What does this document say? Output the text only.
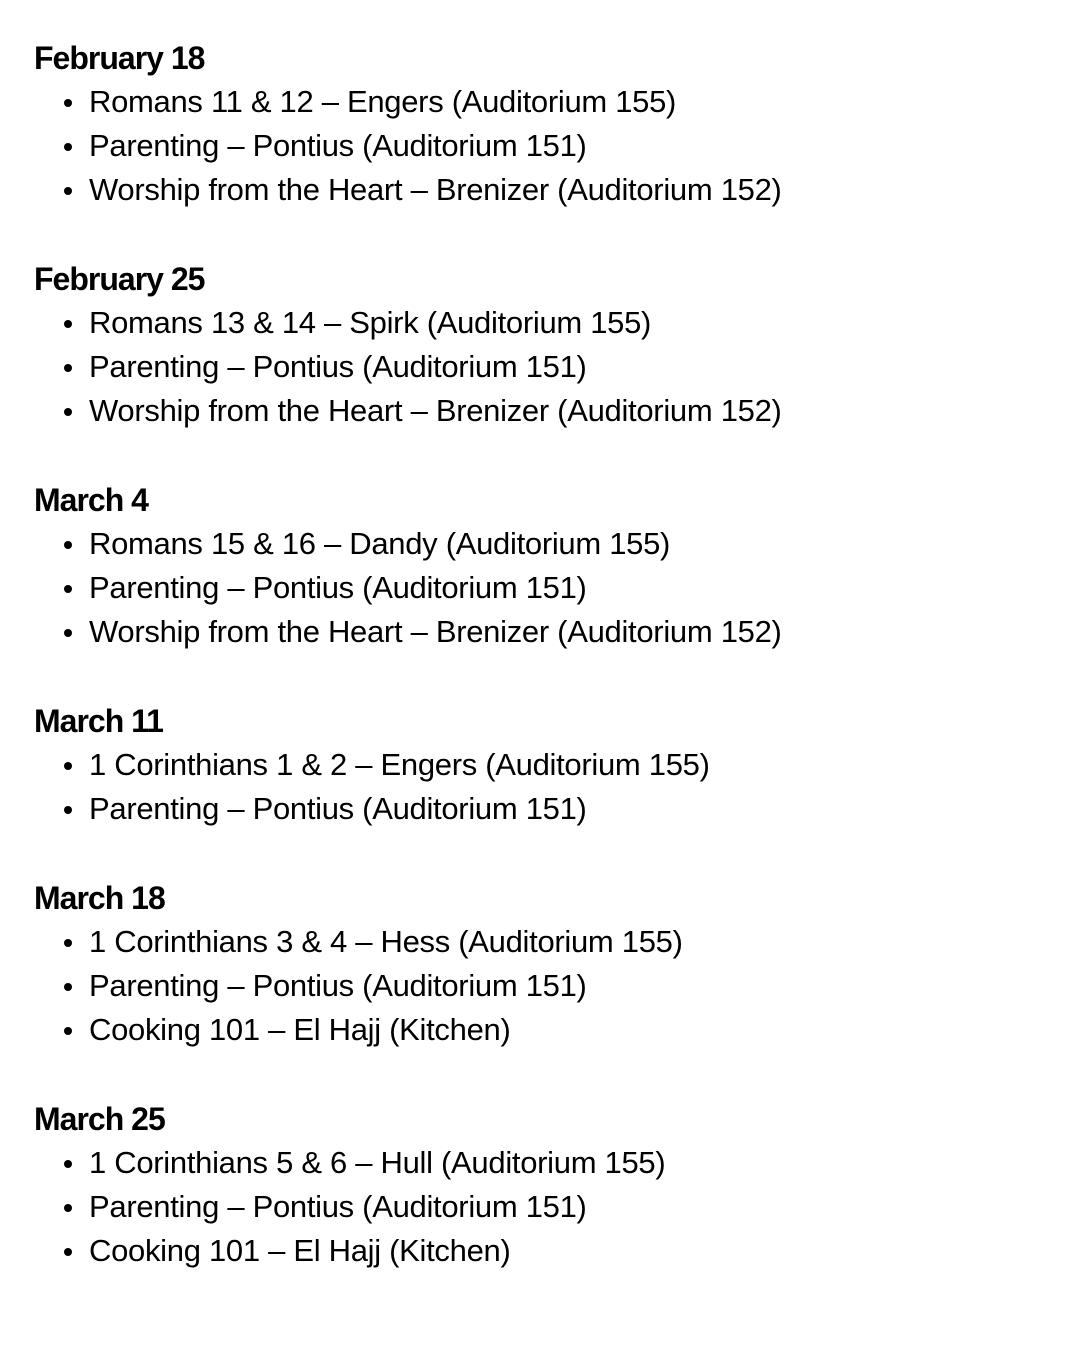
February 18
Romans 11 & 12 – Engers (Auditorium 155)
Parenting – Pontius (Auditorium 151)
Worship from the Heart – Brenizer (Auditorium 152)
February 25
Romans 13 & 14 – Spirk (Auditorium 155)
Parenting – Pontius (Auditorium 151)
Worship from the Heart – Brenizer (Auditorium 152)
March 4
Romans 15 & 16 – Dandy (Auditorium 155)
Parenting – Pontius (Auditorium 151)
Worship from the Heart – Brenizer (Auditorium 152)
March 11
1 Corinthians 1 & 2 – Engers (Auditorium 155)
Parenting – Pontius (Auditorium 151)
March 18
1 Corinthians 3 & 4 – Hess (Auditorium 155)
Parenting – Pontius (Auditorium 151)
Cooking 101 – El Hajj (Kitchen)
March 25
1 Corinthians 5 & 6 – Hull (Auditorium 155)
Parenting – Pontius (Auditorium 151)
Cooking 101 – El Hajj (Kitchen)
